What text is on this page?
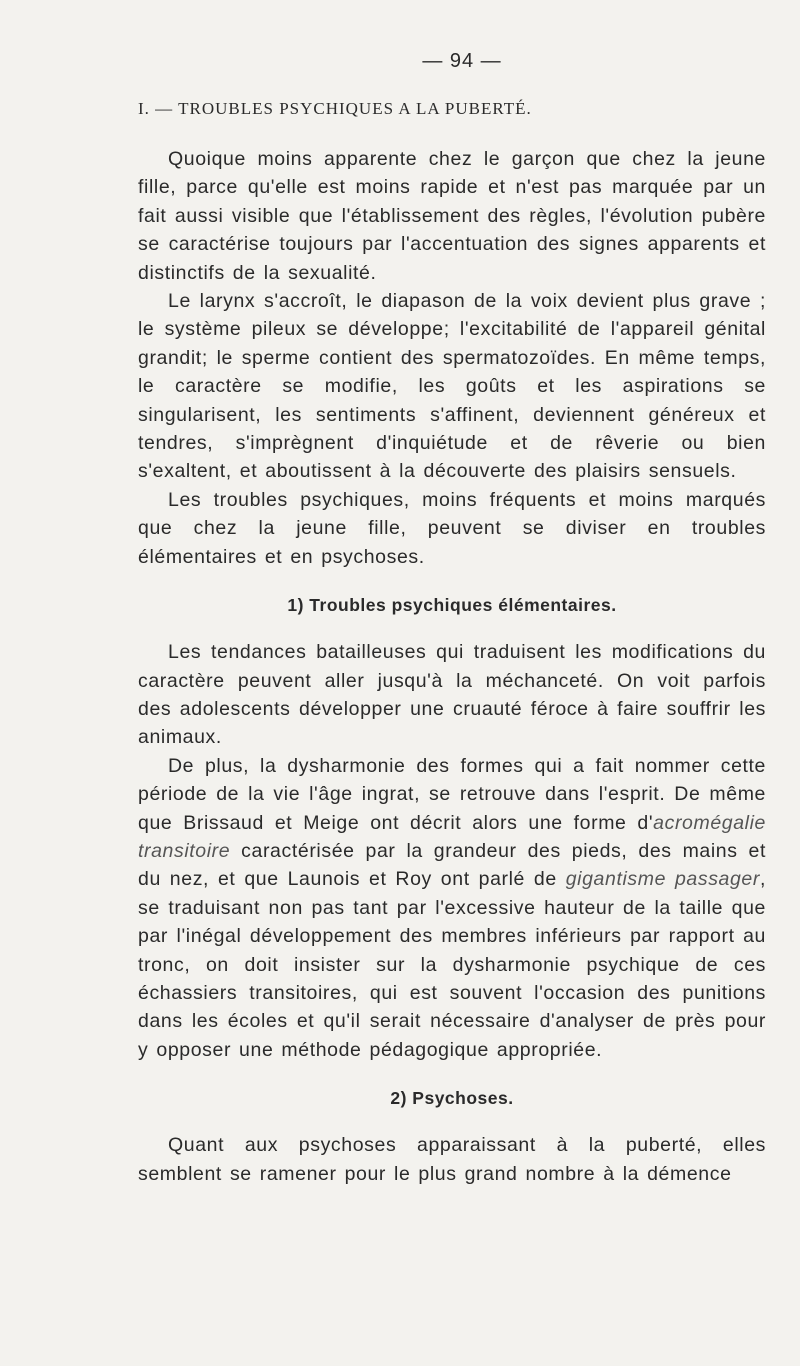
— 94 —
I. — TROUBLES PSYCHIQUES A LA PUBERTÉ.

Quoique moins apparente chez le garçon que chez la jeune fille, parce qu'elle est moins rapide et n'est pas marquée par un fait aussi visible que l'établissement des règles, l'évolution pubère se caractérise toujours par l'accentuation des signes apparents et distinctifs de la sexualité.

Le larynx s'accroît, le diapason de la voix devient plus grave ; le système pileux se développe; l'excitabilité de l'appareil génital grandit; le sperme contient des spermatozoïdes. En même temps, le caractère se modifie, les goûts et les aspirations se singularisent, les sentiments s'affinent, deviennent généreux et tendres, s'imprègnent d'inquiétude et de rêverie ou bien s'exaltent, et aboutissent à la découverte des plaisirs sensuels.

Les troubles psychiques, moins fréquents et moins marqués que chez la jeune fille, peuvent se diviser en troubles élémentaires et en psychoses.

1) Troubles psychiques élémentaires.

Les tendances batailleuses qui traduisent les modifications du caractère peuvent aller jusqu'à la méchanceté. On voit parfois des adolescents développer une cruauté féroce à faire souffrir les animaux.

De plus, la dysharmonie des formes qui a fait nommer cette période de la vie l'âge ingrat, se retrouve dans l'esprit. De même que Brissaud et Meige ont décrit alors une forme d'acromégalie transitoire caractérisée par la grandeur des pieds, des mains et du nez, et que Launois et Roy ont parlé de gigantisme passager, se traduisant non pas tant par l'excessive hauteur de la taille que par l'inégal développement des membres inférieurs par rapport au tronc, on doit insister sur la dysharmonie psychique de ces échassiers transitoires, qui est souvent l'occasion des punitions dans les écoles et qu'il serait nécessaire d'analyser de près pour y opposer une méthode pédagogique appropriée.

2) Psychoses.

Quant aux psychoses apparaissant à la puberté, elles semblent se ramener pour le plus grand nombre à la démence
